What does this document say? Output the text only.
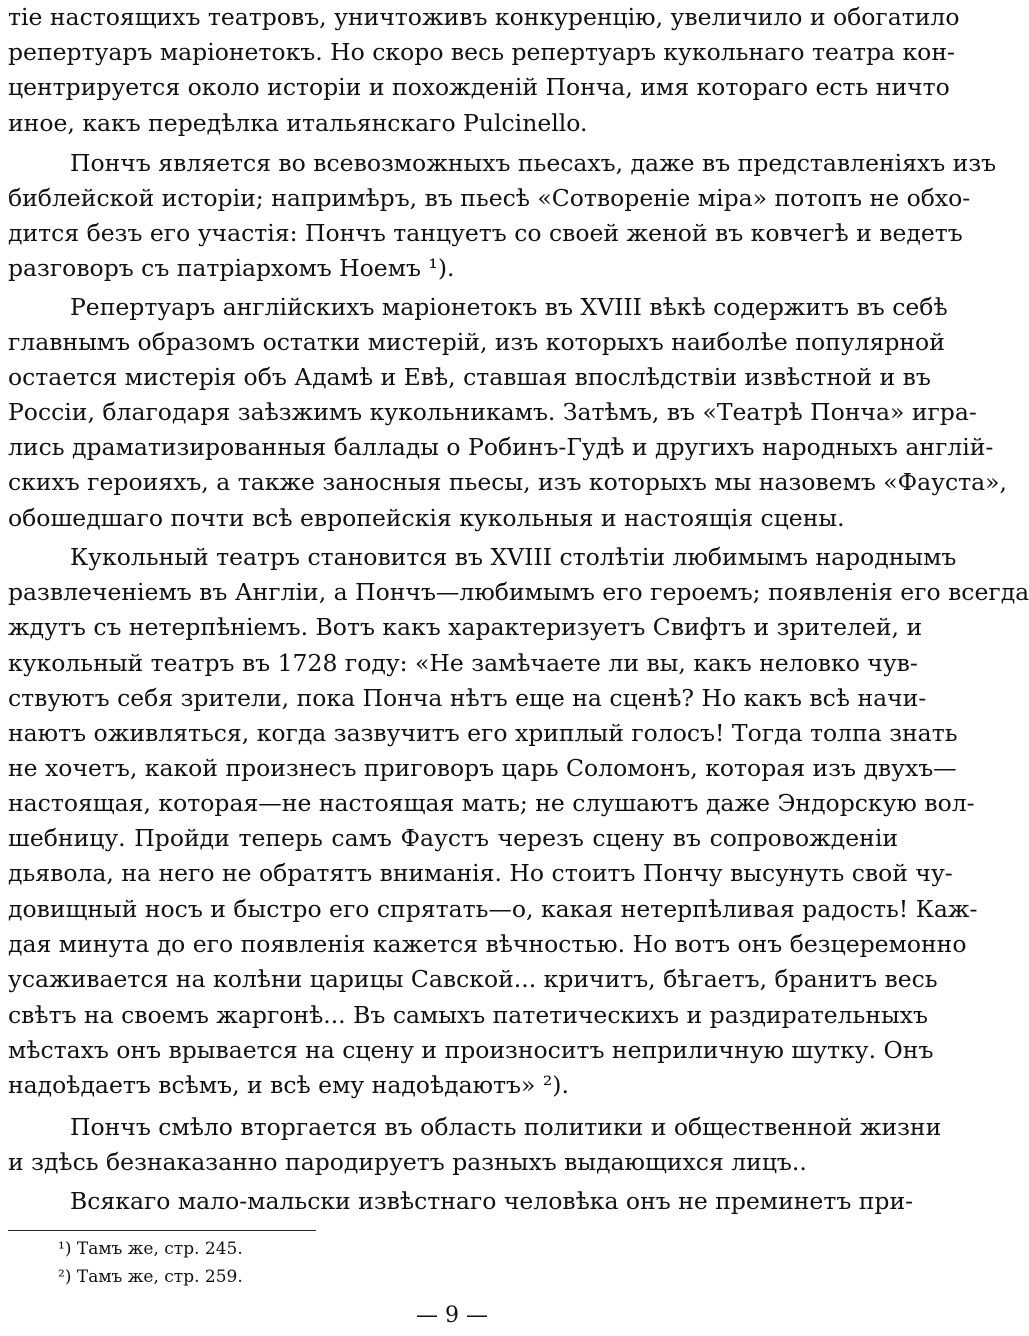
тіе настоящихъ театровъ, уничтоживъ конкуренцію, увеличило и обогатило
репертуаръ маріонетокъ. Но скоро весь репертуаръ кукольнаго театра кон-
центрируется около исторіи и похожденій Понча, имя котораго есть ничто
иное, какъ передѣлка итальянскаго Pulcinello.
Ποнчъ является во всевозможныхъ пьесахъ, даже въ представленіяхъ изъ
библейской исторіи; напримѣръ, въ пьесѣ «Сотвореніе міра» потопъ не обхо-
дится безъ его участія: Пончъ танцуетъ со своей женой въ ковчегѣ и ведетъ
разговоръ съ патріархомъ Ноемъ ¹).
Репертуаръ англійскихъ маріонетокъ въ XVIII вѣкѣ содержитъ въ себѣ
главнымъ образомъ остатки мистерій, изъ которыхъ наиболѣе популярной
остается мистерія объ Адамѣ и Евѣ, ставшая впослѣдствіи извѣстной и въ
Россіи, благодаря заѣзжимъ кукольникамъ. Затѣмъ, въ «Театрѣ Понча» игра-
лись драматизированныя баллады о Робинъ-Гудѣ и другихъ народныхъ англій-
скихъ героияхъ, а также заносныя пьесы, изъ которыхъ мы назовемъ «Фауста»,
обошедшаго почти всѣ европейскія кукольныя и настоящія сцены.
Кукольный театръ становится въ XVIII столѣтіи любимымъ народнымъ
развлеченіемъ въ Англіи, а Пончъ—любимымъ его героемъ; появленія его всегда
ждутъ съ нетерпѣніемъ. Вотъ какъ характеризуетъ Свифтъ и зрителей, и
кукольный театръ въ 1728 году: «Не замѣчаете ли вы, какъ неловко чув-
ствуютъ себя зрители, пока Понча нѣтъ еще на сценѣ? Но какъ всѣ начи-
наютъ оживляться, когда зазвучитъ его хриплый голосъ! Тогда толпа знать
не хочетъ, какой произнесъ приговоръ царь Соломонъ, которая изъ двухъ—
настоящая, которая—не настоящая мать; не слушаютъ даже Эндорскую вол-
шебницу. Пройди теперь самъ Фаустъ черезъ сцену въ сопровожденіи
дьявола, на него не обратятъ вниманія. Но стоитъ Пончу высунуть свой чу-
довищный носъ и быстро его спрятать—о, какая нетерпѣливая радость! Каж-
дая минута до его появленія кажется вѣчностью. Но вотъ онъ безцеремонно
усаживается на колѣни царицы Савской... кричитъ, бѣгаетъ, бранитъ весь
свѣтъ на своемъ жаргонѣ... Въ самыхъ патетическихъ и раздирательныхъ
мѣстахъ онъ врывается на сцену и произноситъ неприличную шутку. Онъ
надоѣдаетъ всѣмъ, и всѣ ему надоѣдаютъ» ²).
Пончъ смѣло вторгается въ область политики и общественной жизни
и здѣсь безнаказанно пародируетъ разныхъ выдающихся лицъ..
Всякаго мало-мальски извѣстнаго человѣка онъ не преминетъ при-
¹) Тамъ же, стр. 245.
²) Тамъ же, стр. 259.
— 9 —
